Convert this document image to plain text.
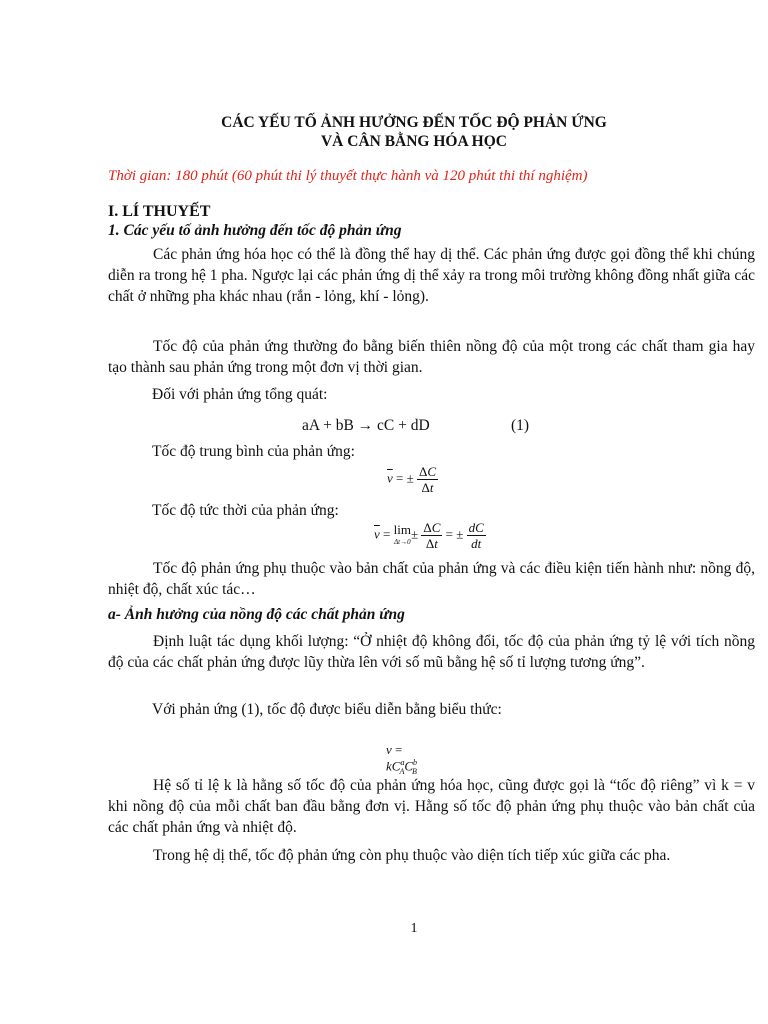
CÁC YẾU TỐ ẢNH HƯỞNG ĐẾN TỐC ĐỘ PHẢN ỨNG
VÀ CÂN BẰNG HÓA HỌC
Thời gian: 180 phút (60 phút thi lý thuyết thực hành và 120 phút thi thí nghiệm)
I. LÍ THUYẾT
1. Các yếu tố ảnh hưởng đến tốc độ phản ứng

Các phản ứng hóa học có thể là đồng thể hay dị thể. Các phản ứng được gọi đồng thể khi chúng diễn ra trong hệ 1 pha. Ngược lại các phản ứng dị thể xảy ra trong môi trường không đồng nhất giữa các chất ở những pha khác nhau (rắn - lỏng, khí - lỏng).

Tốc độ của phản ứng thường đo bằng biến thiên nồng độ của một trong các chất tham gia hay tạo thành sau phản ứng trong một đơn vị thời gian.

Đối với phản ứng tổng quát:
aA + bB → cC + dD	(1)
Tốc độ trung bình của phản ứng:
$\overline{v}$ = ± $\frac{\Delta C}{\Delta t}$
Tốc độ tức thời của phản ứng:
$\overline{v} = \lim$
Δt→0
± $\frac{\Delta C}{\Delta t}$ = ± $\frac{dC}{dt}$

Tốc độ phản ứng phụ thuộc vào bản chất của phản ứng và các điều kiện tiến hành như: nồng độ, nhiệt độ, chất xúc tác…

a- Ảnh hưởng của nồng độ các chất phản ứng

Định luật tác dụng khối lượng: “Ở nhiệt độ không đổi, tốc độ của phản ứng tỷ lệ với tích nồng độ của các chất phản ứng được lũy thừa lên với số mũ bằng hệ số tỉ lượng tương ứng”.

Với phản ứng (1), tốc độ được biểu diễn bằng biểu thức:
$v = kC^a_AC^b_B$

Hệ số tỉ lệ k là hằng số tốc độ của phản ứng hóa học, cũng được gọi là “tốc độ riêng” vì k = v khi nồng độ của mỗi chất ban đầu bằng đơn vị. Hằng số tốc độ phản ứng phụ thuộc vào bản chất của các chất phản ứng và nhiệt độ.

Trong hệ dị thể, tốc độ phản ứng còn phụ thuộc vào diện tích tiếp xúc giữa các pha.

1
